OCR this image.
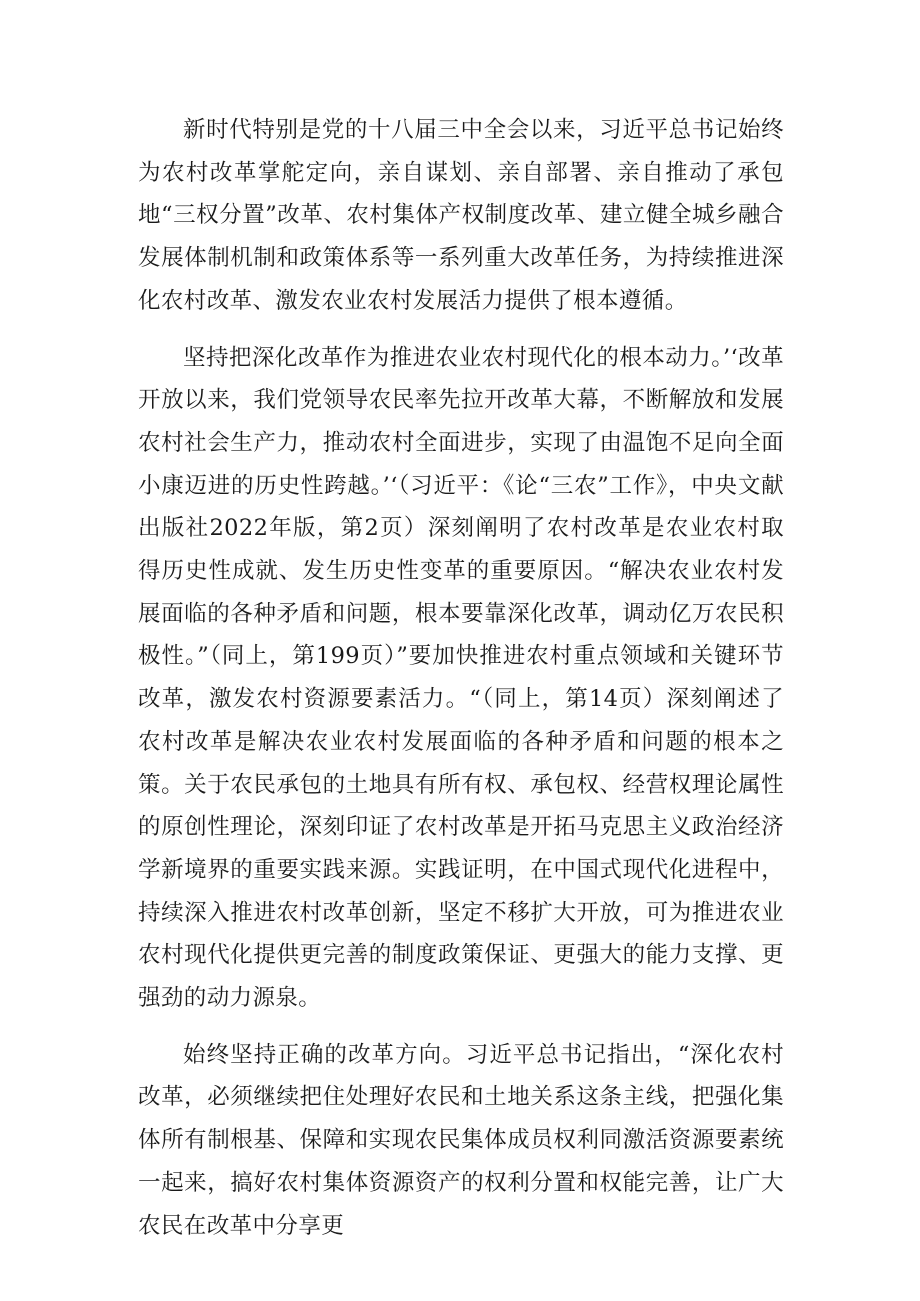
新时代特别是党的十八届三中全会以来，习近平总书记始终为农村改革掌舵定向，亲自谋划、亲自部署、亲自推动了承包地“三权分置”改革、农村集体产权制度改革、建立健全城乡融合发展体制机制和政策体系等一系列重大改革任务，为持续推进深化农村改革、激发农业农村发展活力提供了根本遵循。

坚持把深化改革作为推进农业农村现代化的根本动力。’‘改革开放以来，我们党领导农民率先拉开改革大幕，不断解放和发展农村社会生产力，推动农村全面进步，实现了由温饱不足向全面小康迈进的历史性跨越。’‘（习近平：《论“三农”工作》，中央文献出版社2022年版，第2页）深刻阐明了农村改革是农业农村取得历史性成就、发生历史性变革的重要原因。“解决农业农村发展面临的各种矛盾和问题，根本要靠深化改革，调动亿万农民积极性。”（同上，第199页）”要加快推进农村重点领域和关键环节改革，激发农村资源要素活力。“（同上，第14页）深刻阐述了农村改革是解决农业农村发展面临的各种矛盾和问题的根本之策。关于农民承包的土地具有所有权、承包权、经营权理论属性的原创性理论，深刻印证了农村改革是开拓马克思主义政治经济学新境界的重要实践来源。实践证明，在中国式现代化进程中，持续深入推进农村改革创新，坚定不移扩大开放，可为推进农业农村现代化提供更完善的制度政策保证、更强大的能力支撑、更强劲的动力源泉。

始终坚持正确的改革方向。习近平总书记指出，“深化农村改革，必须继续把住处理好农民和土地关系这条主线，把强化集体所有制根基、保障和实现农民集体成员权利同激活资源要素统一起来，搞好农村集体资源资产的权利分置和权能完善，让广大农民在改革中分享更
